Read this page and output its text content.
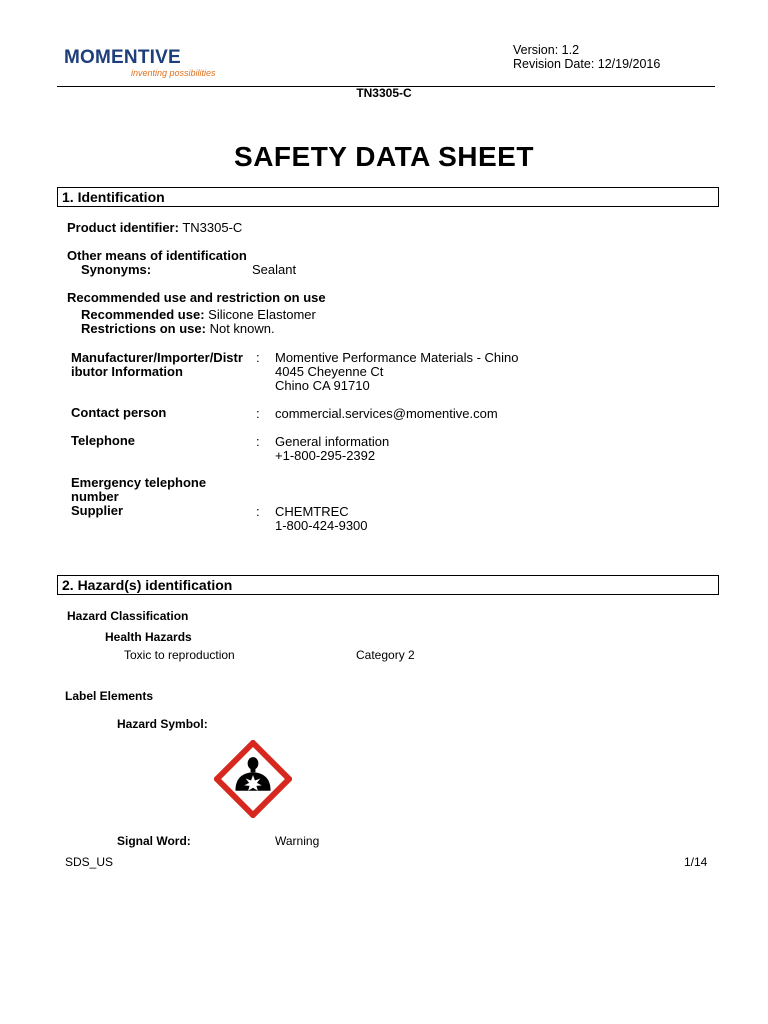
MOMENTIVE
inventing possibilities
Version: 1.2
Revision Date: 12/19/2016
TN3305-C
SAFETY DATA SHEET
1. Identification
Product identifier: TN3305-C
Other means of identification
Synonyms:	Sealant
Recommended use and restriction on use
Recommended use: Silicone Elastomer
Restrictions on use: Not known.
Manufacturer/Importer/Distr
ibutor Information
: Momentive Performance Materials - Chino
4045 Cheyenne Ct
Chino CA 91710
Contact person	: commercial.services@momentive.com
Telephone	: General information
+1-800-295-2392
Emergency telephone
number
Supplier	: CHEMTREC
1-800-424-9300
2. Hazard(s) identification
Hazard Classification
Health Hazards
Toxic to reproduction	Category 2
Label Elements
Hazard Symbol:
Signal Word:	Warning
SDS_US	1/14
